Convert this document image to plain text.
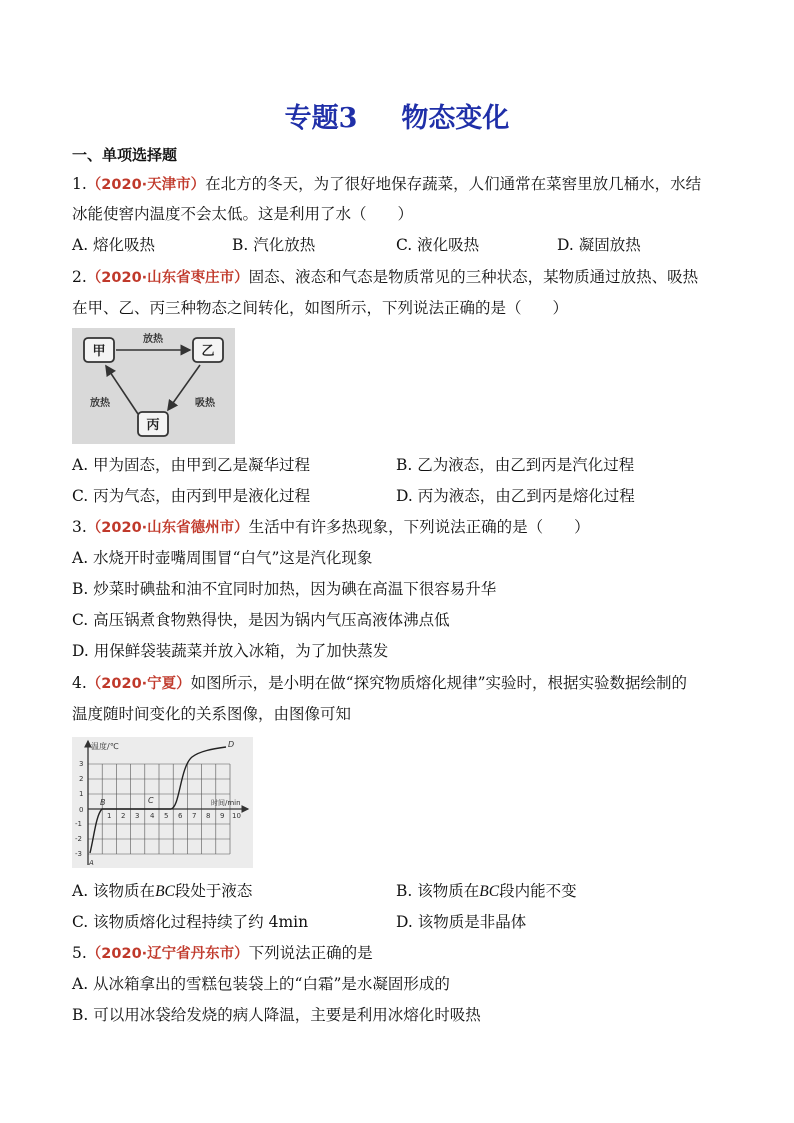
专题3 物态变化
一、单项选择题
1.（2020·天津市）在北方的冬天，为了很好地保存蔬菜，人们通常在菜窖里放几桶水，水结
冰能使窖内温度不会太低。这是利用了水（　　）
A. 熔化吸热	B. 汽化放热	C. 液化吸热	D. 凝固放热
2.（2020·山东省枣庄市）固态、液态和气态是物质常见的三种状态，某物质通过放热、吸热
在甲、乙、丙三种物态之间转化，如图所示，下列说法正确的是（　　）
甲	乙
丙
放热
放热	吸热
A. 甲为固态，由甲到乙是凝华过程	B. 乙为液态，由乙到丙是汽化过程
C. 丙为气态，由丙到甲是液化过程	D. 丙为液态，由乙到丙是熔化过程
3.（2020·山东省德州市）生活中有许多热现象，下列说法正确的是（　　）
A. 水烧开时壶嘴周围冒“白气”这是汽化现象
B. 炒菜时碘盐和油不宜同时加热，因为碘在高温下很容易升华
C. 高压锅煮食物熟得快，是因为锅内气压高液体沸点低
D. 用保鲜袋装蔬菜并放入冰箱，为了加快蒸发
4.（2020·宁夏）如图所示，是小明在做“探究物质熔化规律”实验时，根据实验数据绘制的
温度随时间变化的关系图像，由图像可知
温度/℃
时间/min
3
2
1
0
-1
-2
-3
1 2 3 4 5 6 7 8 9 10
A
B	C
D
A. 该物质在BC段处于液态	B. 该物质在BC段内能不变
C. 该物质熔化过程持续了约 4min	D. 该物质是非晶体
5.（2020·辽宁省丹东市）下列说法正确的是
A. 从冰箱拿出的雪糕包装袋上的“白霜”是水凝固形成的
B. 可以用冰袋给发烧的病人降温，主要是利用冰熔化时吸热
